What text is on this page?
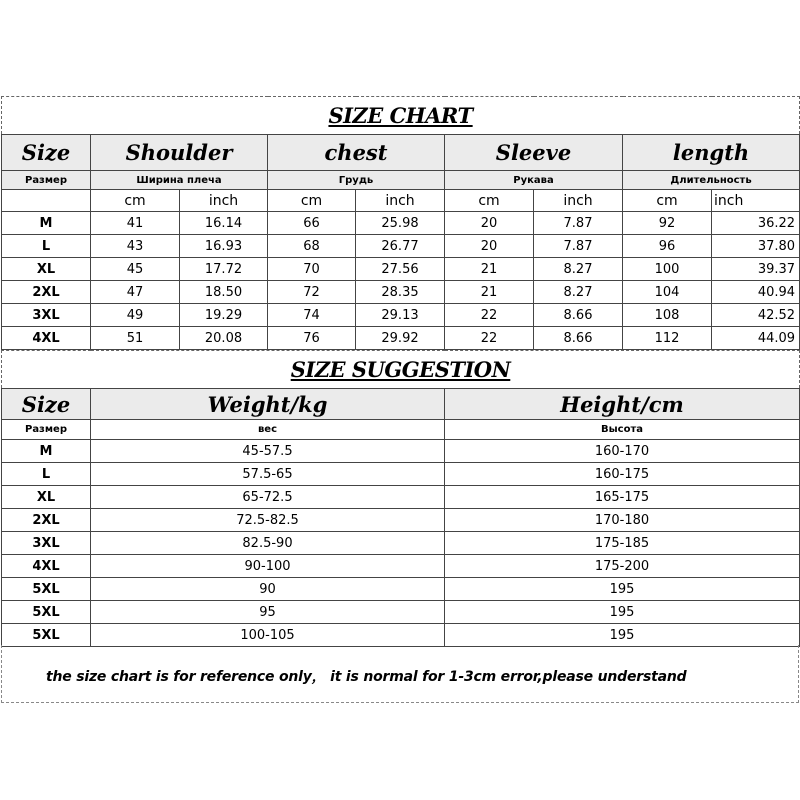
SIZE CHART								
Size	Shoulder		chest		Sleeve		length	
Размер	Ширина плеча		Грудь		Рукава		Длительность	
	cm	inch	cm	inch	cm	inch	cm	inch
M	41	16.14	66	25.98	20	7.87	92	36.22
L	43	16.93	68	26.77	20	7.87	96	37.80
XL	45	17.72	70	27.56	21	8.27	100	39.37
2XL	47	18.50	72	28.35	21	8.27	104	40.94
3XL	49	19.29	74	29.13	22	8.66	108	42.52
4XL	51	20.08	76	29.92	22	8.66	112	44.09
SIZE SUGGESTION		
Size	Weight/kg	Height/cm
Размер	вес	Высота
M	45-57.5	160-170
L	57.5-65	160-175
XL	65-72.5	165-175
2XL	72.5-82.5	170-180
3XL	82.5-90	175-185
4XL	90-100	175-200
5XL	90	195
5XL	95	195
5XL	100-105	195
the size chart is for reference only， it is normal for 1-3cm error,please understand
